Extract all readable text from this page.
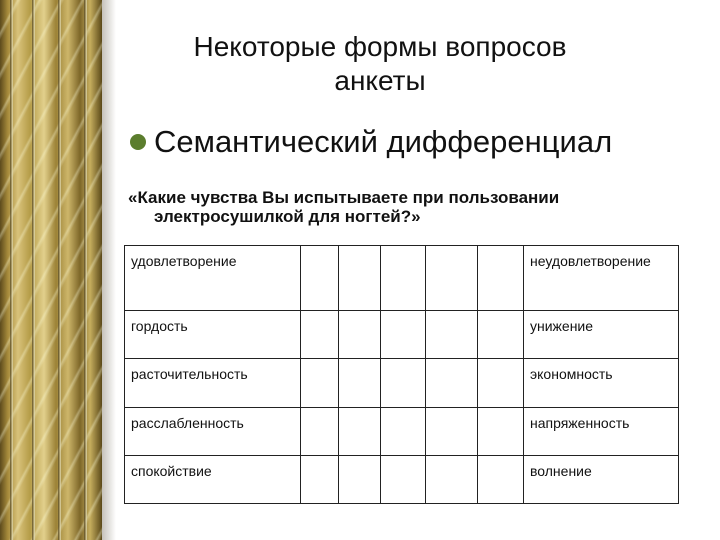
Некоторые формы вопросов
анкеты
Семантический дифференциал
«Какие чувства Вы испытываете при пользовании
электросушилкой для ногтей?»
удовлетворение						неудовлетворение
гордость						унижение
расточительность						экономность
расслабленность						напряженность
спокойствие						волнение
